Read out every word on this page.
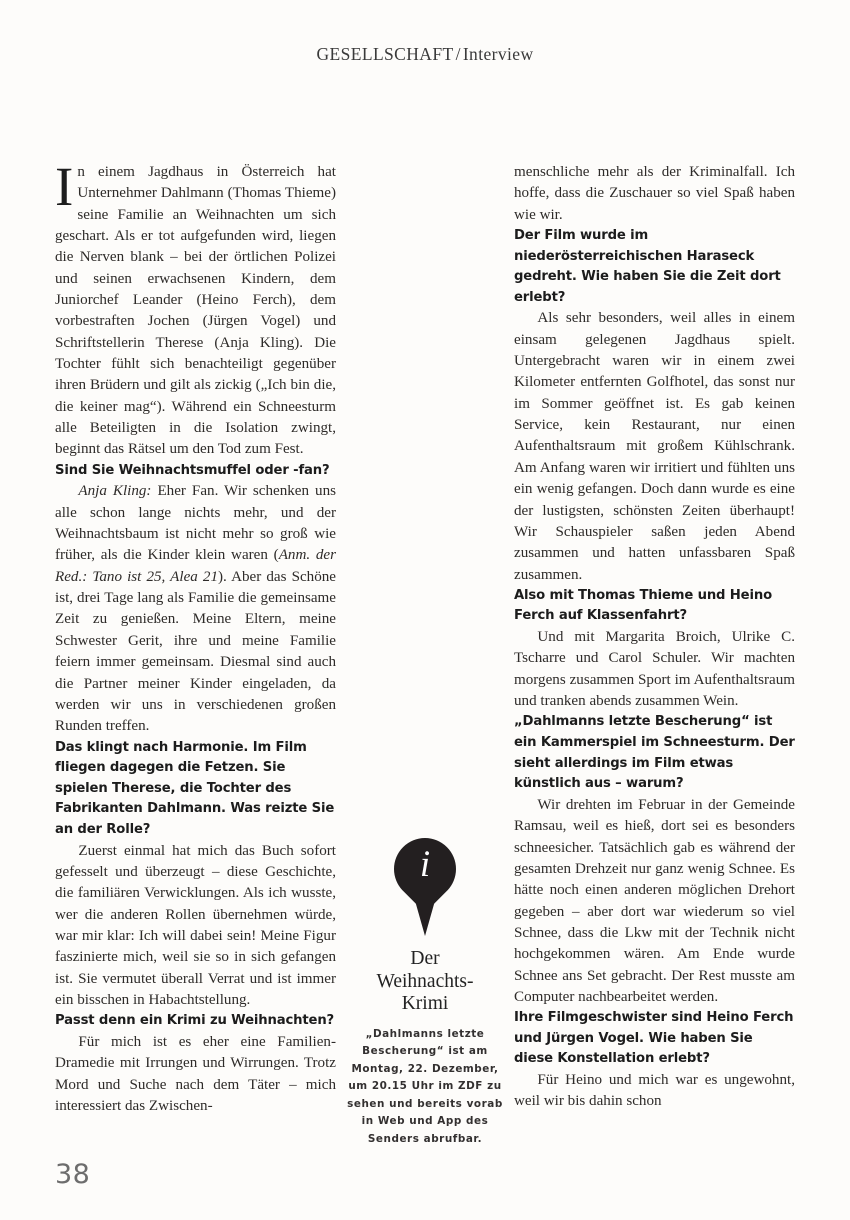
GESELLSCHAFT / Interview

In einem Jagdhaus in Österreich hat Unternehmer Dahlmann (Thomas Thieme) seine Familie an Weihnachten um sich geschart. Als er tot aufgefunden wird, liegen die Nerven blank – bei der örtlichen Polizei und seinen erwachsenen Kindern, dem Juniorchef Leander (Heino Ferch), dem vorbestraften Jochen (Jürgen Vogel) und Schriftstellerin Therese (Anja Kling). Die Tochter fühlt sich benachteiligt gegenüber ihren Brüdern und gilt als zickig („Ich bin die, die keiner mag“). Während ein Schneesturm alle Beteiligten in die Isolation zwingt, beginnt das Rätsel um den Tod zum Fest.

Sind Sie Weihnachtsmuffel oder -fan?

Anja Kling: Eher Fan. Wir schenken uns alle schon lange nichts mehr, und der Weihnachtsbaum ist nicht mehr so groß wie früher, als die Kinder klein waren (Anm. der Red.: Tano ist 25, Alea 21). Aber das Schöne ist, drei Tage lang als Familie die gemeinsame Zeit zu genießen. Meine Eltern, meine Schwester Gerit, ihre und meine Familie feiern immer gemeinsam. Diesmal sind auch die Partner meiner Kinder eingeladen, da werden wir uns in verschiedenen großen Runden treffen.

Das klingt nach Harmonie. Im Film fliegen dagegen die Fetzen. Sie spielen Therese, die Tochter des Fabrikanten Dahlmann. Was reizte Sie an der Rolle?

Zuerst einmal hat mich das Buch sofort gefesselt und überzeugt – diese Geschichte, die familiären Verwicklungen. Als ich wusste, wer die anderen Rollen übernehmen würde, war mir klar: Ich will dabei sein! Meine Figur faszinierte mich, weil sie so in sich gefangen ist. Sie vermutet überall Verrat und ist immer ein bisschen in Habachtstellung.

Passt denn ein Krimi zu Weihnachten?

Für mich ist es eher eine Familien-Dramedie mit Irrungen und Wirrungen. Trotz Mord und Suche nach dem Täter – mich interessiert das Zwischen-

menschliche mehr als der Kriminalfall. Ich hoffe, dass die Zuschauer so viel Spaß haben wie wir.

Der Film wurde im niederösterreichischen Haraseck gedreht. Wie haben Sie die Zeit dort erlebt?

Als sehr besonders, weil alles in einem einsam gelegenen Jagdhaus spielt. Untergebracht waren wir in einem zwei Kilometer entfernten Golfhotel, das sonst nur im Sommer geöffnet ist. Es gab keinen Service, kein Restaurant, nur einen Aufenthaltsraum mit großem Kühlschrank. Am Anfang waren wir irritiert und fühlten uns ein wenig gefangen. Doch dann wurde es eine der lustigsten, schönsten Zeiten überhaupt! Wir Schauspieler saßen jeden Abend zusammen und hatten unfassbaren Spaß zusammen.

Also mit Thomas Thieme und Heino Ferch auf Klassenfahrt?

Und mit Margarita Broich, Ulrike C. Tscharre und Carol Schuler. Wir machten morgens zusammen Sport im Aufenthaltsraum und tranken abends zusammen Wein.

„Dahlmanns letzte Bescherung“ ist ein Kammerspiel im Schneesturm. Der sieht allerdings im Film etwas künstlich aus – warum?

Wir drehten im Februar in der Gemeinde Ramsau, weil es hieß, dort sei es besonders schneesicher. Tatsächlich gab es während der gesamten Drehzeit nur ganz wenig Schnee. Es hätte noch einen anderen möglichen Drehort gegeben – aber dort war wiederum so viel Schnee, dass die Lkw mit der Technik nicht hochgekommen wären. Am Ende wurde Schnee ans Set gebracht. Der Rest musste am Computer nachbearbeitet werden.

Ihre Filmgeschwister sind Heino Ferch und Jürgen Vogel. Wie haben Sie diese Konstellation erlebt?

Für Heino und mich war es ungewohnt, weil wir bis dahin schon

i
Der
Weihnachts-
Krimi
„Dahlmanns letzte Bescherung“ ist am Montag, 22. Dezember, um 20.15 Uhr im ZDF zu sehen und bereits vorab in Web und App des Senders abrufbar.
38
